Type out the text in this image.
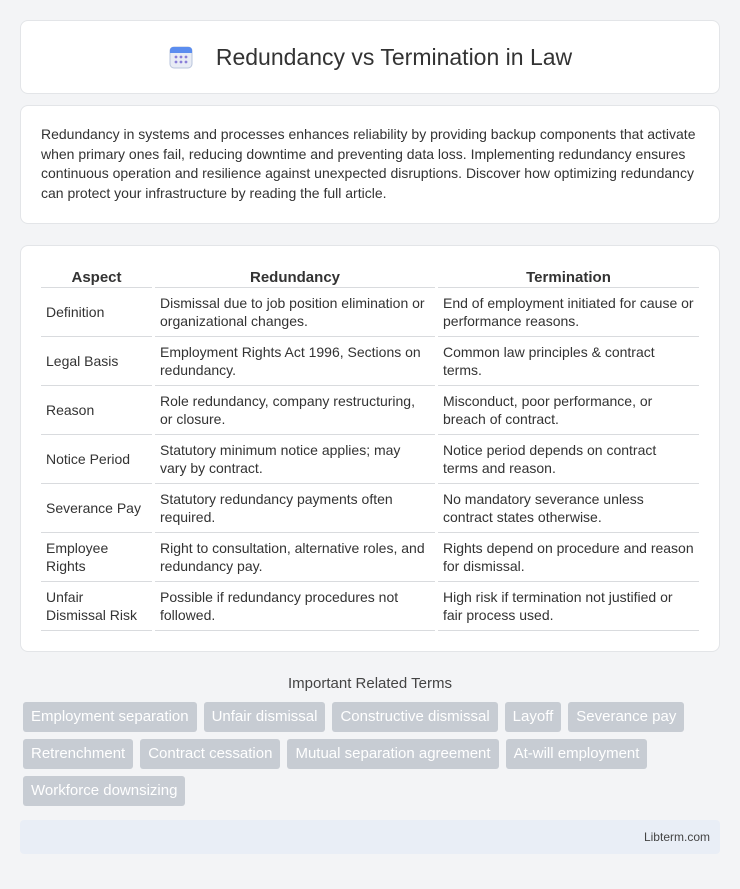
Redundancy vs Termination in Law

Redundancy in systems and processes enhances reliability by providing backup components that activate when primary ones fail, reducing downtime and preventing data loss. Implementing redundancy ensures continuous operation and resilience against unexpected disruptions. Discover how optimizing redundancy can protect your infrastructure by reading the full article.

Aspect	Redundancy	Termination
Definition	Dismissal due to job position elimination or organizational changes.	End of employment initiated for cause or performance reasons.
Legal Basis	Employment Rights Act 1996, Sections on redundancy.	Common law principles & contract terms.
Reason	Role redundancy, company restructuring, or closure.	Misconduct, poor performance, or breach of contract.
Notice Period	Statutory minimum notice applies; may vary by contract.	Notice period depends on contract terms and reason.
Severance Pay	Statutory redundancy payments often required.	No mandatory severance unless contract states otherwise.
Employee Rights	Right to consultation, alternative roles, and redundancy pay.	Rights depend on procedure and reason for dismissal.
Unfair Dismissal Risk	Possible if redundancy procedures not followed.	High risk if termination not justified or fair process used.
Important Related Terms
Employment separation	Unfair dismissal	Constructive dismissal	Layoff	Severance pay
Retrenchment	Contract cessation	Mutual separation agreement	At-will employment
Workforce downsizing
Libterm.com
